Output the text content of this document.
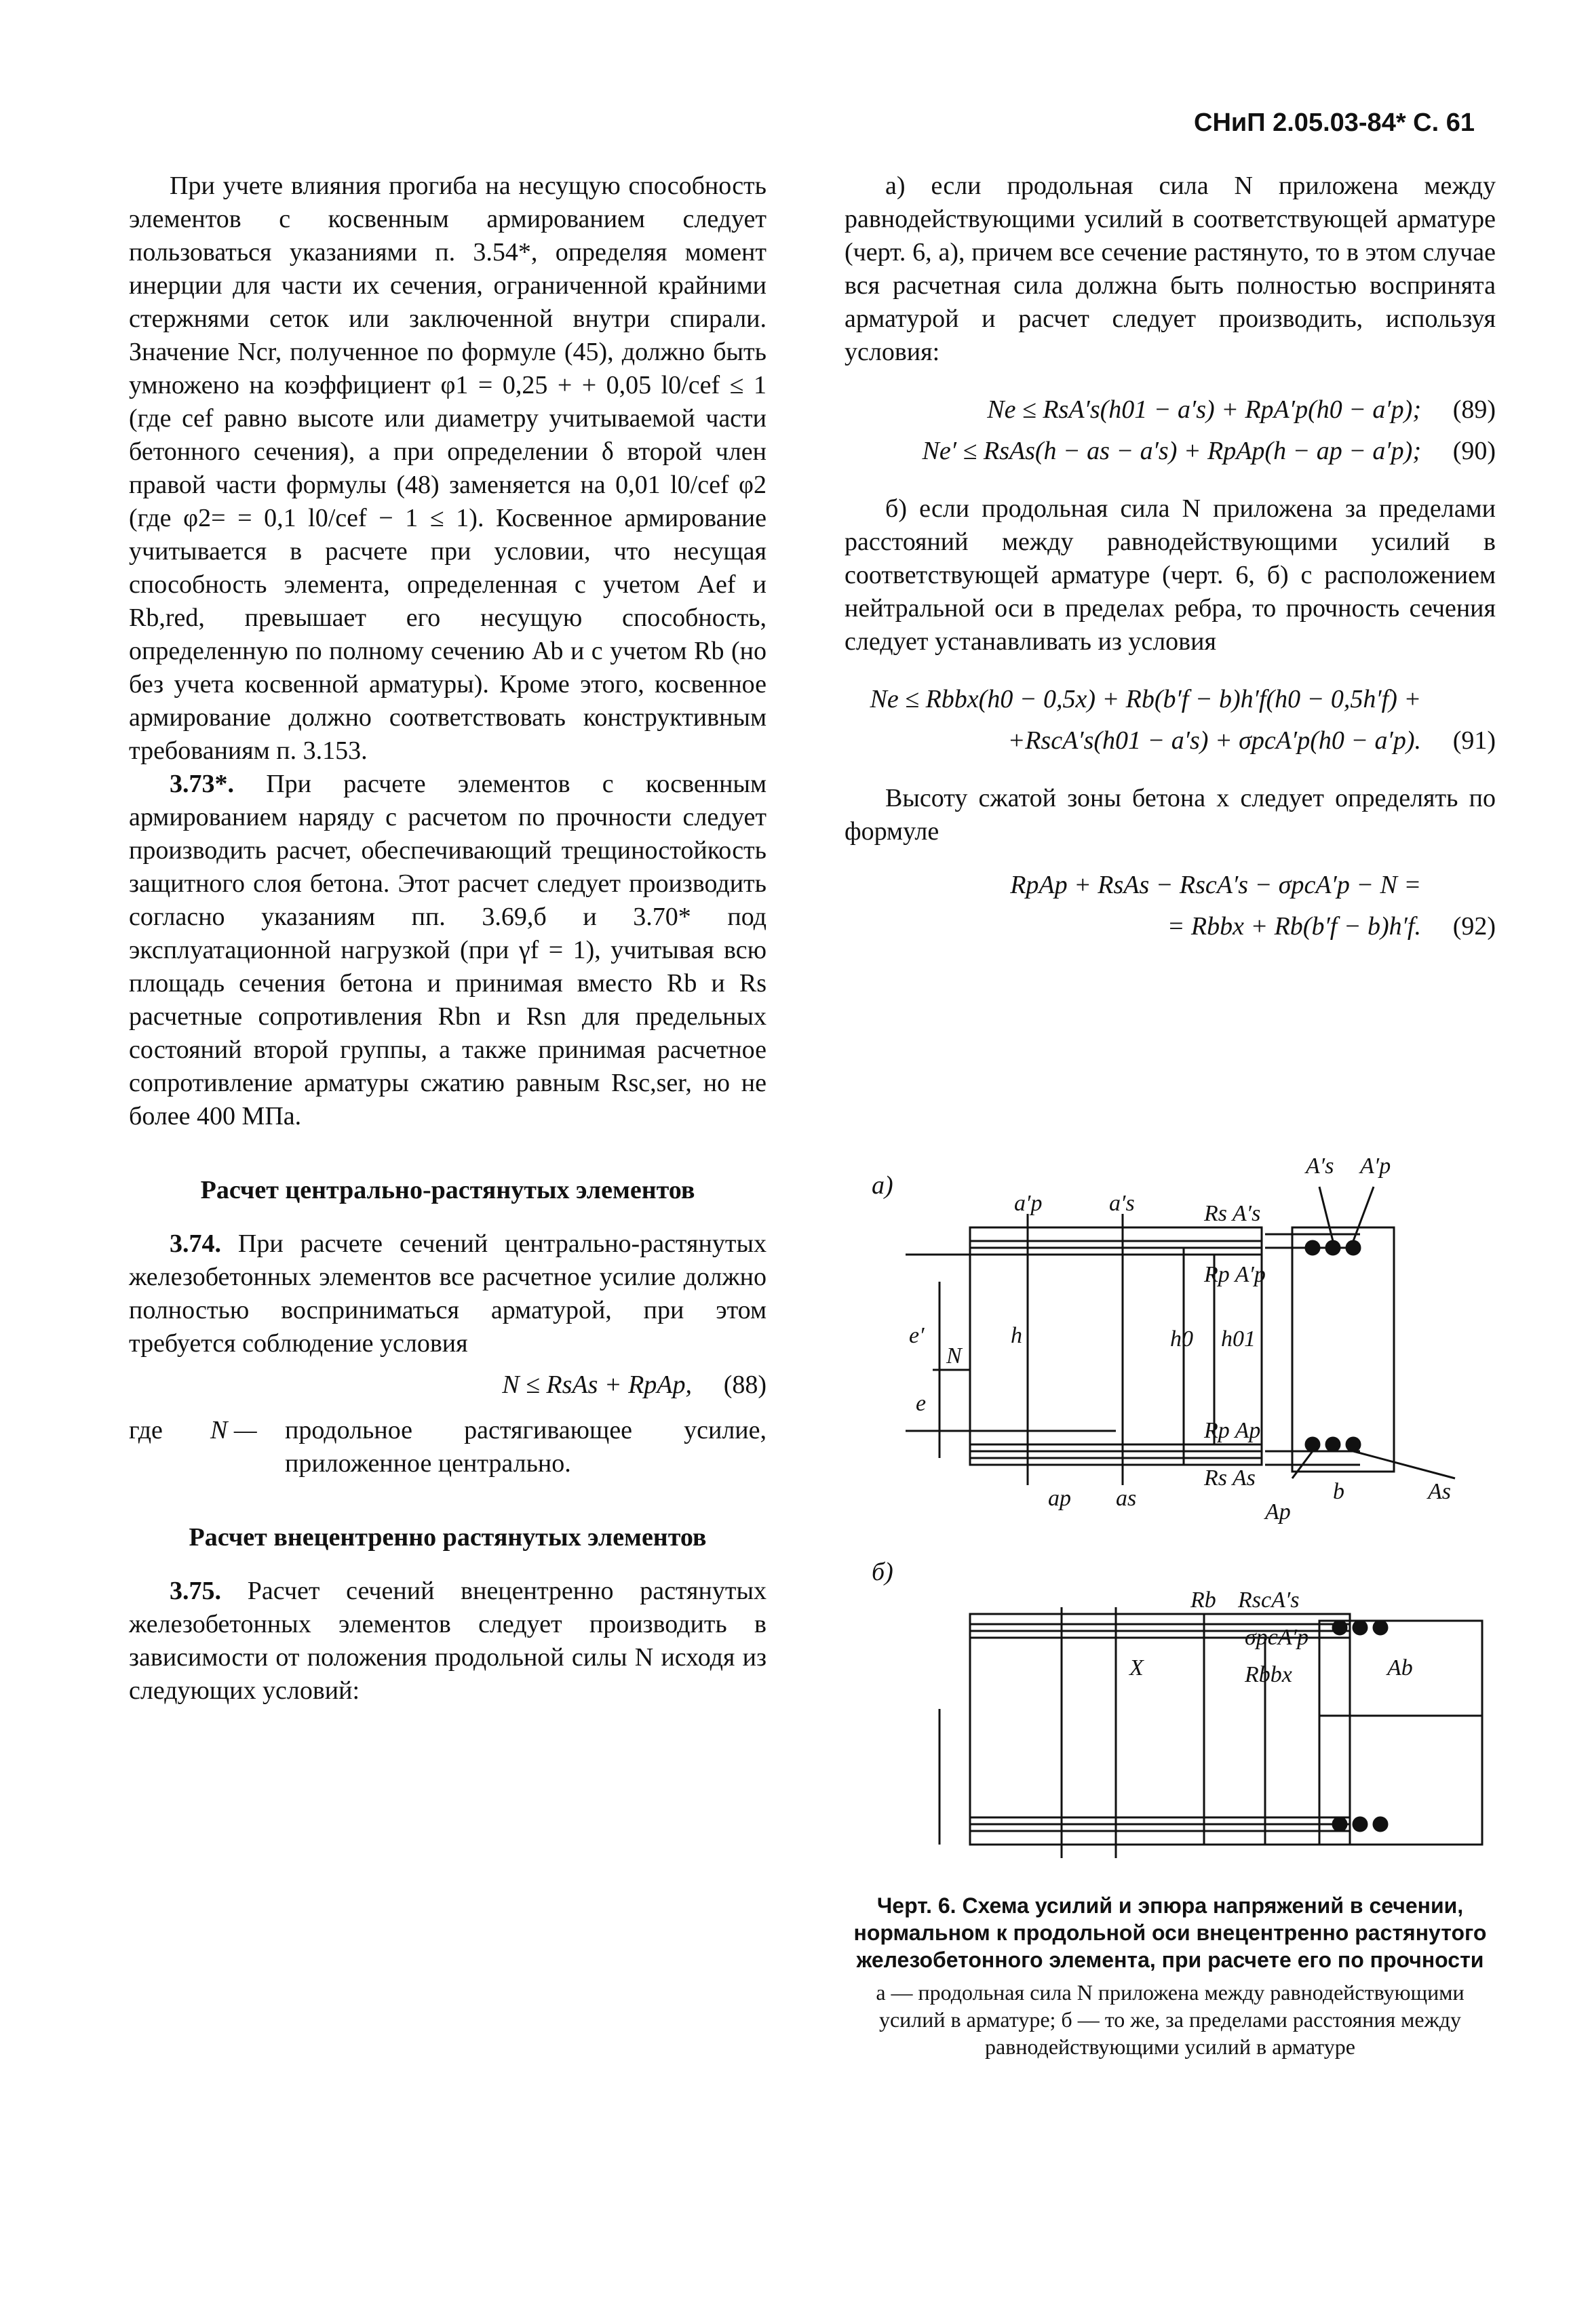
СНиП 2.05.03-84* С. 61

При учете влияния прогиба на несущую способность элементов с косвенным армированием следует пользоваться указаниями п. 3.54*, определяя момент инерции для части их сечения, ограниченной крайними стержнями сеток или заключенной внутри спирали. Значение Ncr, полученное по формуле (45), должно быть умножено на коэффициент φ1 = 0,25 + + 0,05 l0/cef ≤ 1 (где cef равно высоте или диаметру учитываемой части бетонного сечения), а при определении δ второй член правой части формулы (48) заменяется на 0,01 l0/cef φ2 (где φ2= = 0,1 l0/cef − 1 ≤ 1). Косвенное армирование учитывается в расчете при условии, что несущая способность элемента, определенная с учетом Aef и Rb,red, превышает его несущую способность, определенную по полному сечению Ab и с учетом Rb (но без учета косвенной арматуры). Кроме этого, косвенное армирование должно соответствовать конструктивным требованиям п. 3.153.

3.73*. При расчете элементов с косвенным армированием наряду с расчетом по прочности следует производить расчет, обеспечивающий трещиностойкость защитного слоя бетона. Этот расчет следует производить согласно указаниям пп. 3.69,б и 3.70* под эксплуатационной нагрузкой (при γf = 1), учитывая всю площадь сечения бетона и принимая вместо Rb и Rs расчетные сопротивления Rbn и Rsn для предельных состояний второй группы, а также принимая расчетное сопротивление арматуры сжатию равным Rsc,ser, но не более 400 МПа.

Расчет центрально-растянутых элементов

3.74. При расчете сечений центрально-растянутых железобетонных элементов все расчетное усилие должно полностью восприниматься арматурой, при этом требуется соблюдение условия

N ≤ RsAs + RpAp, (88)

где	N —	продольное растягивающее усилие, приложенное центрально.

Расчет внецентренно растянутых элементов

3.75. Расчет сечений внецентренно растянутых железобетонных элементов следует производить в зависимости от положения продольной силы N исходя из следующих условий:

а) если продольная сила N приложена между равнодействующими усилий в соответствующей арматуре (черт. 6, а), причем все сечение растянуто, то в этом случае вся расчетная сила должна быть полностью воспринята арматурой и расчет следует производить, используя условия:

Ne ≤ RsA′s(h01 − a′s) + RpA′p(h0 − a′p); (89)

Ne′ ≤ RsAs(h − as − a′s) + RpAp(h − ap − a′p); (90)

б) если продольная сила N приложена за пределами расстояний между равнодействующими усилий в соответствующей арматуре (черт. 6, б) с расположением нейтральной оси в пределах ребра, то прочность сечения следует устанавливать из условия

Ne ≤ Rbbx(h0 − 0,5x) + Rb(b′f − b)h′f(h0 − 0,5h′f) +

+RscA′s(h01 − a′s) + σpcA′p(h0 − a′p). (91)

Высоту сжатой зоны бетона x следует определять по формуле

RpAp + RsAs − RscA′s − σpcA′p − N =

= Rbbx + Rb(b′f − b)h′f. (92)

а)
б)
A′s A′p
a′p	a′s	Rs A′s
Rp A′p
e′
N
h	h0 h01
e
Rp Ap
Rs As
ap as
Ap
b	As
Rb RscA′s
σpcA′p
Rbbx
X	Ab

Черт. 6. Схема усилий и эпюра напряжений в сечении, нормальном к продольной оси внецентренно растянутого железобетонного элемента, при расчете его по прочности

а — продольная сила N приложена между равнодействующими усилий в арматуре; б — то же, за пределами расстояния между равнодействующими усилий в арматуре
